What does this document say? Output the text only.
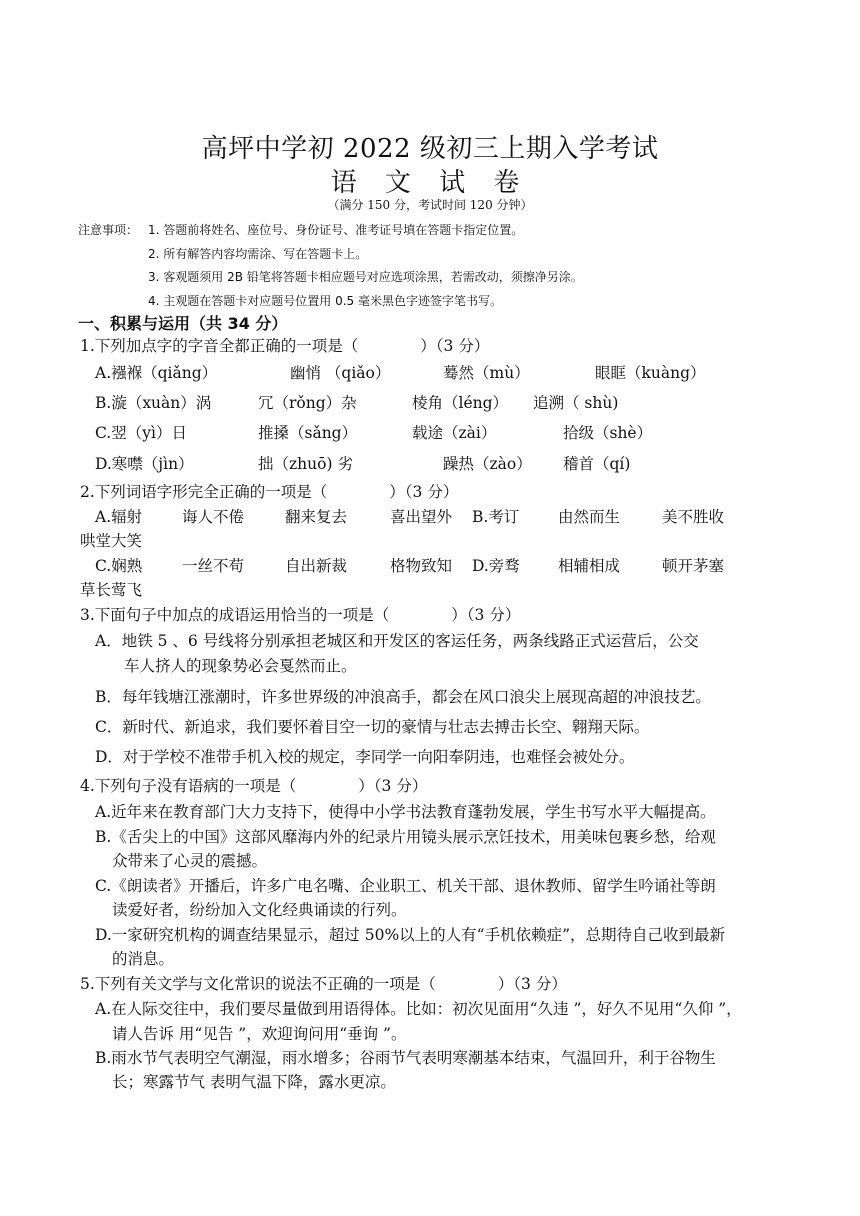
高坪中学初 2022 级初三上期入学考试
语 文 试 卷
（满分 150 分，考试时间 120 分钟）
注意事项： 1. 答题前将姓名、座位号、身份证号、准考证号填在答题卡指定位置。
2. 所有解答内容均需涂、写在答题卡上。
3. 客观题须用 2B 铅笔将答题卡相应题号对应选项涂黑，若需改动，须擦净另涂。
4. 主观题在答题卡对应题号位置用 0.5 毫米黑色字迹签字笔书写。
一、积累与运用（共 34 分）
1.下列加点字的字音全都正确的一项是（　　　　）（3 分）
A.襁褓（qiǎng）	幽悄 （qiǎo）	蓦然（mù）	眼眶（kuàng）
B.漩（xuàn）涡	冗（rǒng）杂	棱角（léng） 追溯（ shù)
C.翌（yì）日	推搡（sǎng）	载途（zài）	拾级（shè）
D.寒噤（jìn）	拙（zhuō) 劣	躁热（zào） 稽首（qí)
2.下列词语字形完全正确的一项是（　　　　）（3 分）
A.辐射	诲人不倦	翻来复去	喜出望外 B.考订 由然而生	美不胜收
哄堂大笑
C.娴熟	一丝不苟	自出新裁	格物致知 D.旁骛 相辅相成	顿开茅塞
草长莺飞
3.下面句子中加点的成语运用恰当的一项是（　　　　）（3 分）
A．地铁 5 、6 号线将分别承担老城区和开发区的客运任务，两条线路正式运营后，公交
车人挤人的现象势必会戛然而止。
B．每年钱塘江涨潮时，许多世界级的冲浪高手，都会在风口浪尖上展现高超的冲浪技艺。
C．新时代、新追求，我们要怀着目空一切的豪情与壮志去搏击长空、翱翔天际。
D．对于学校不准带手机入校的规定，李同学一向阳奉阴违，也难怪会被处分。
4.下列句子没有语病的一项是（　　　　）（3 分）
A.近年来在教育部门大力支持下，使得中小学书法教育蓬勃发展，学生书写水平大幅提高。
B.《舌尖上的中国》这部风靡海内外的纪录片用镜头展示烹饪技术，用美味包裹乡愁，给观
众带来了心灵的震撼。
C.《朗读者》开播后，许多广电名嘴、企业职工、机关干部、退休教师、留学生吟诵社等朗
读爱好者，纷纷加入文化经典诵读的行列。
D.一家研究机构的调查结果显示，超过 50%以上的人有“手机依赖症”，总期待自己收到最新
的消息。
5.下列有关文学与文化常识的说法不正确的一项是（　　　　）（3 分）
A.在人际交往中，我们要尽量做到用语得体。比如：初次见面用“久违 ”，好久不见用“久仰 ”，
请人告诉 用“见告 ”，欢迎询问用“垂询 ”。
B.雨水节气表明空气潮湿，雨水增多；谷雨节气表明寒潮基本结束，气温回升，利于谷物生
长；寒露节气 表明气温下降，露水更凉。
